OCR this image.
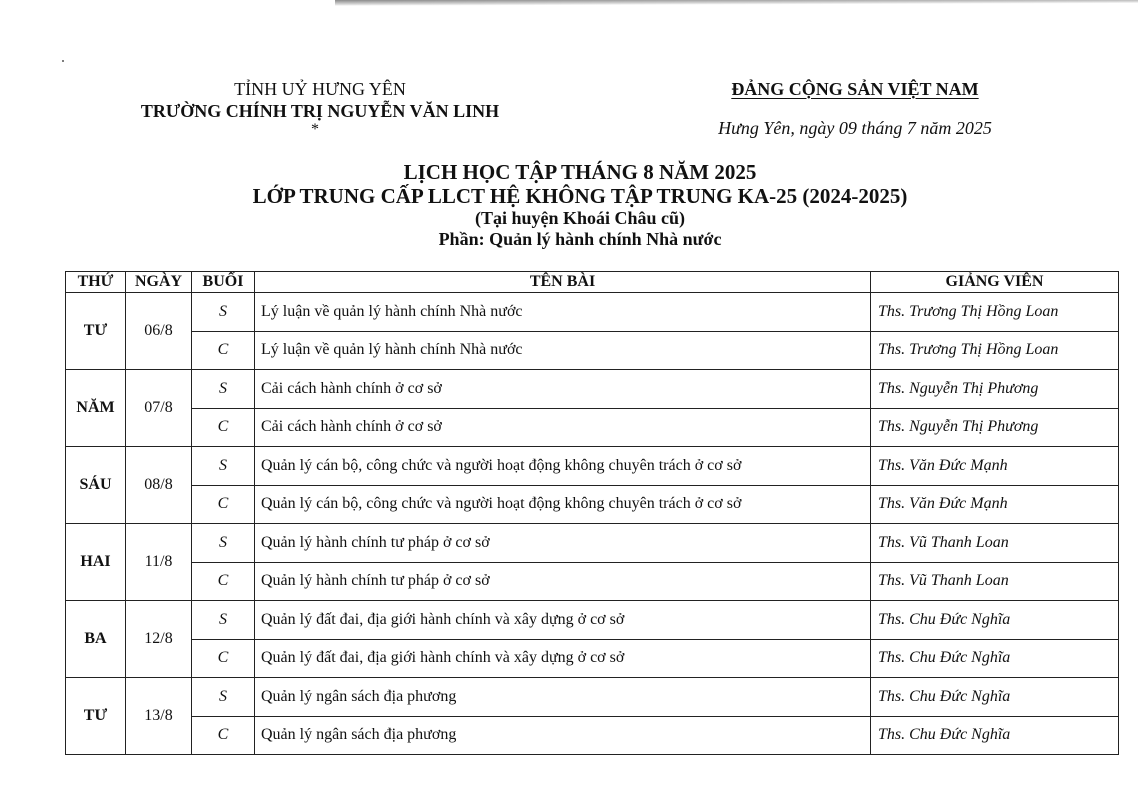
TỈNH UỶ HƯNG YÊN
TRƯỜNG CHÍNH TRỊ NGUYỄN VĂN LINH
*
ĐẢNG CỘNG SẢN VIỆT NAM
Hưng Yên, ngày 09 tháng 7 năm 2025
LỊCH HỌC TẬP THÁNG 8 NĂM 2025
LỚP TRUNG CẤP LLCT HỆ KHÔNG TẬP TRUNG KA-25 (2024-2025)
(Tại huyện Khoái Châu cũ)
Phần: Quản lý hành chính Nhà nước
THỨ	NGÀY	BUỔI	TÊN BÀI	GIẢNG VIÊN
TƯ	06/8	S	Lý luận về quản lý hành chính Nhà nước	Ths. Trương Thị Hồng Loan
		C	Lý luận về quản lý hành chính Nhà nước	Ths. Trương Thị Hồng Loan
NĂM	07/8	S	Cải cách hành chính ở cơ sở	Ths. Nguyễn Thị Phương
		C	Cải cách hành chính ở cơ sở	Ths. Nguyễn Thị Phương
SÁU	08/8	S	Quản lý cán bộ, công chức và người hoạt động không chuyên trách ở cơ sở	Ths. Văn Đức Mạnh
		C	Quản lý cán bộ, công chức và người hoạt động không chuyên trách ở cơ sở	Ths. Văn Đức Mạnh
HAI	11/8	S	Quản lý hành chính tư pháp ở cơ sở	Ths. Vũ Thanh Loan
		C	Quản lý hành chính tư pháp ở cơ sở	Ths. Vũ Thanh Loan
BA	12/8	S	Quản lý đất đai, địa giới hành chính và xây dựng ở cơ sở	Ths. Chu Đức Nghĩa
		C	Quản lý đất đai, địa giới hành chính và xây dựng ở cơ sở	Ths. Chu Đức Nghĩa
TƯ	13/8	S	Quản lý ngân sách địa phương	Ths. Chu Đức Nghĩa
		C	Quản lý ngân sách địa phương	Ths. Chu Đức Nghĩa
